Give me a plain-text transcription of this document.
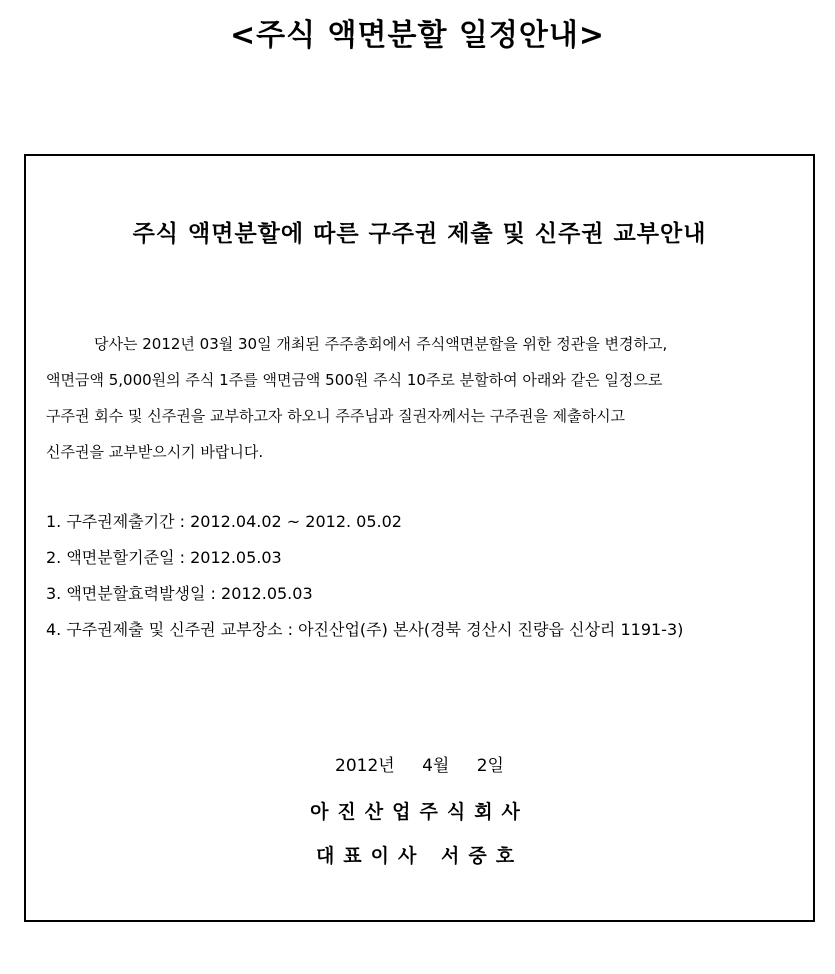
<주식 액면분할 일정안내>
주식 액면분할에 따른 구주권 제출 및 신주권 교부안내
당사는 2012년 03월 30일 개최된 주주총회에서 주식액면분할을 위한 정관을 변경하고,
액면금액 5,000원의 주식 1주를 액면금액 500원 주식 10주로 분할하여 아래와 같은 일정으로
구주권 회수 및 신주권을 교부하고자 하오니 주주님과 질권자께서는 구주권을 제출하시고
신주권을 교부받으시기 바랍니다.
1. 구주권제출기간 : 2012.04.02 ~ 2012. 05.02
2. 액면분할기준일 : 2012.05.03
3. 액면분할효력발생일 : 2012.05.03
4. 구주권제출 및 신주권 교부장소 : 아진산업(주) 본사(경북 경산시 진량읍 신상리 1191-3)
2012년 4월 2일
아진산업주식회사
대표이사 서중호
